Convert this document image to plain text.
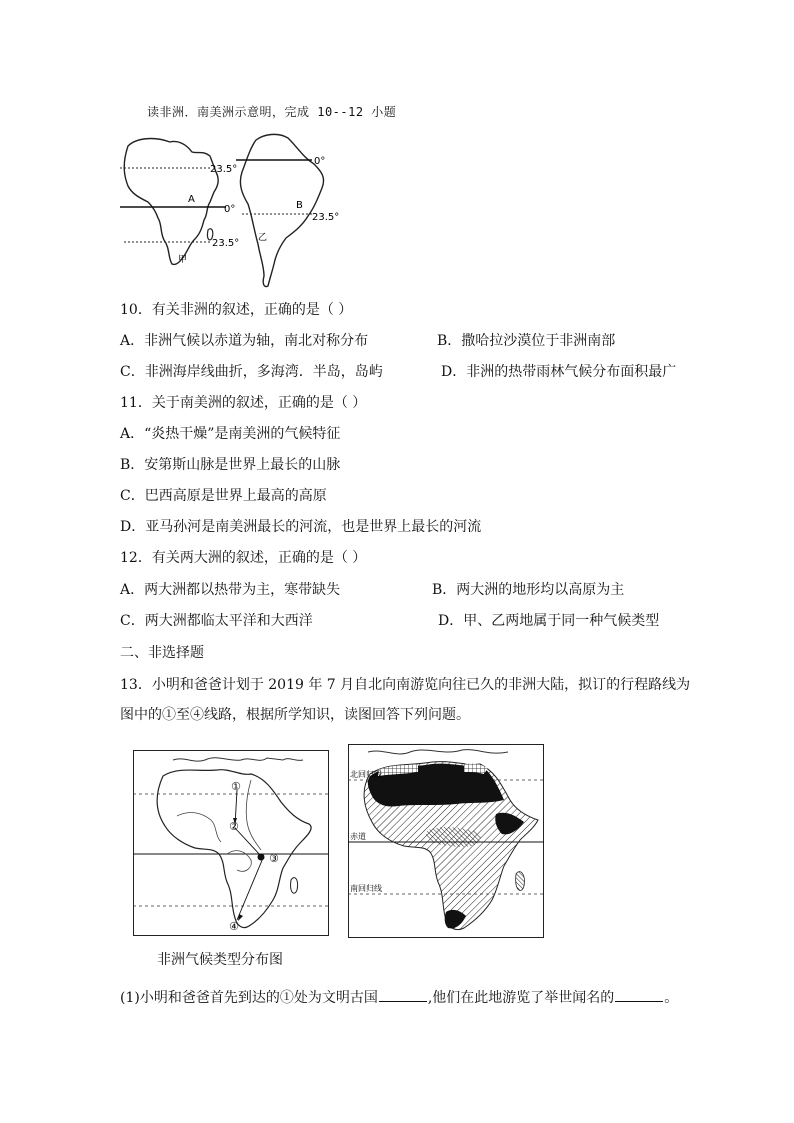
读非洲．南美洲示意明，完成 10--12 小题
23.5°
0°
23.5°
A
甲
0°
23.5°
B
乙
10．有关非洲的叙述，正确的是（ ）
A．非洲气候以赤道为轴，南北对称分布	B．撒哈拉沙漠位于非洲南部
C．非洲海岸线曲折，多海湾．半岛，岛屿	D．非洲的热带雨林气候分布面积最广
11．关于南美洲的叙述，正确的是（ ）
A．“炎热干燥”是南美洲的气候特征
B．安第斯山脉是世界上最长的山脉
C．巴西高原是世界上最高的高原
D．亚马孙河是南美洲最长的河流，也是世界上最长的河流
12．有关两大洲的叙述，正确的是（ ）
A．两大洲都以热带为主，寒带缺失	B．两大洲的地形均以高原为主
C．两大洲都临太平洋和大西洋	D．甲、乙两地属于同一种气候类型
二、非选择题
13．小明和爸爸计划于 2019 年 7 月自北向南游览向往已久的非洲大陆，拟订的行程路线为
图中的①至④线路，根据所学知识，读图回答下列问题。
①
②
③
④
北回归线
赤道
南回归线
非洲气候类型分布图
(1)小明和爸爸首先到达的①处为文明古国	,他们在此地游览了举世闻名的	。
